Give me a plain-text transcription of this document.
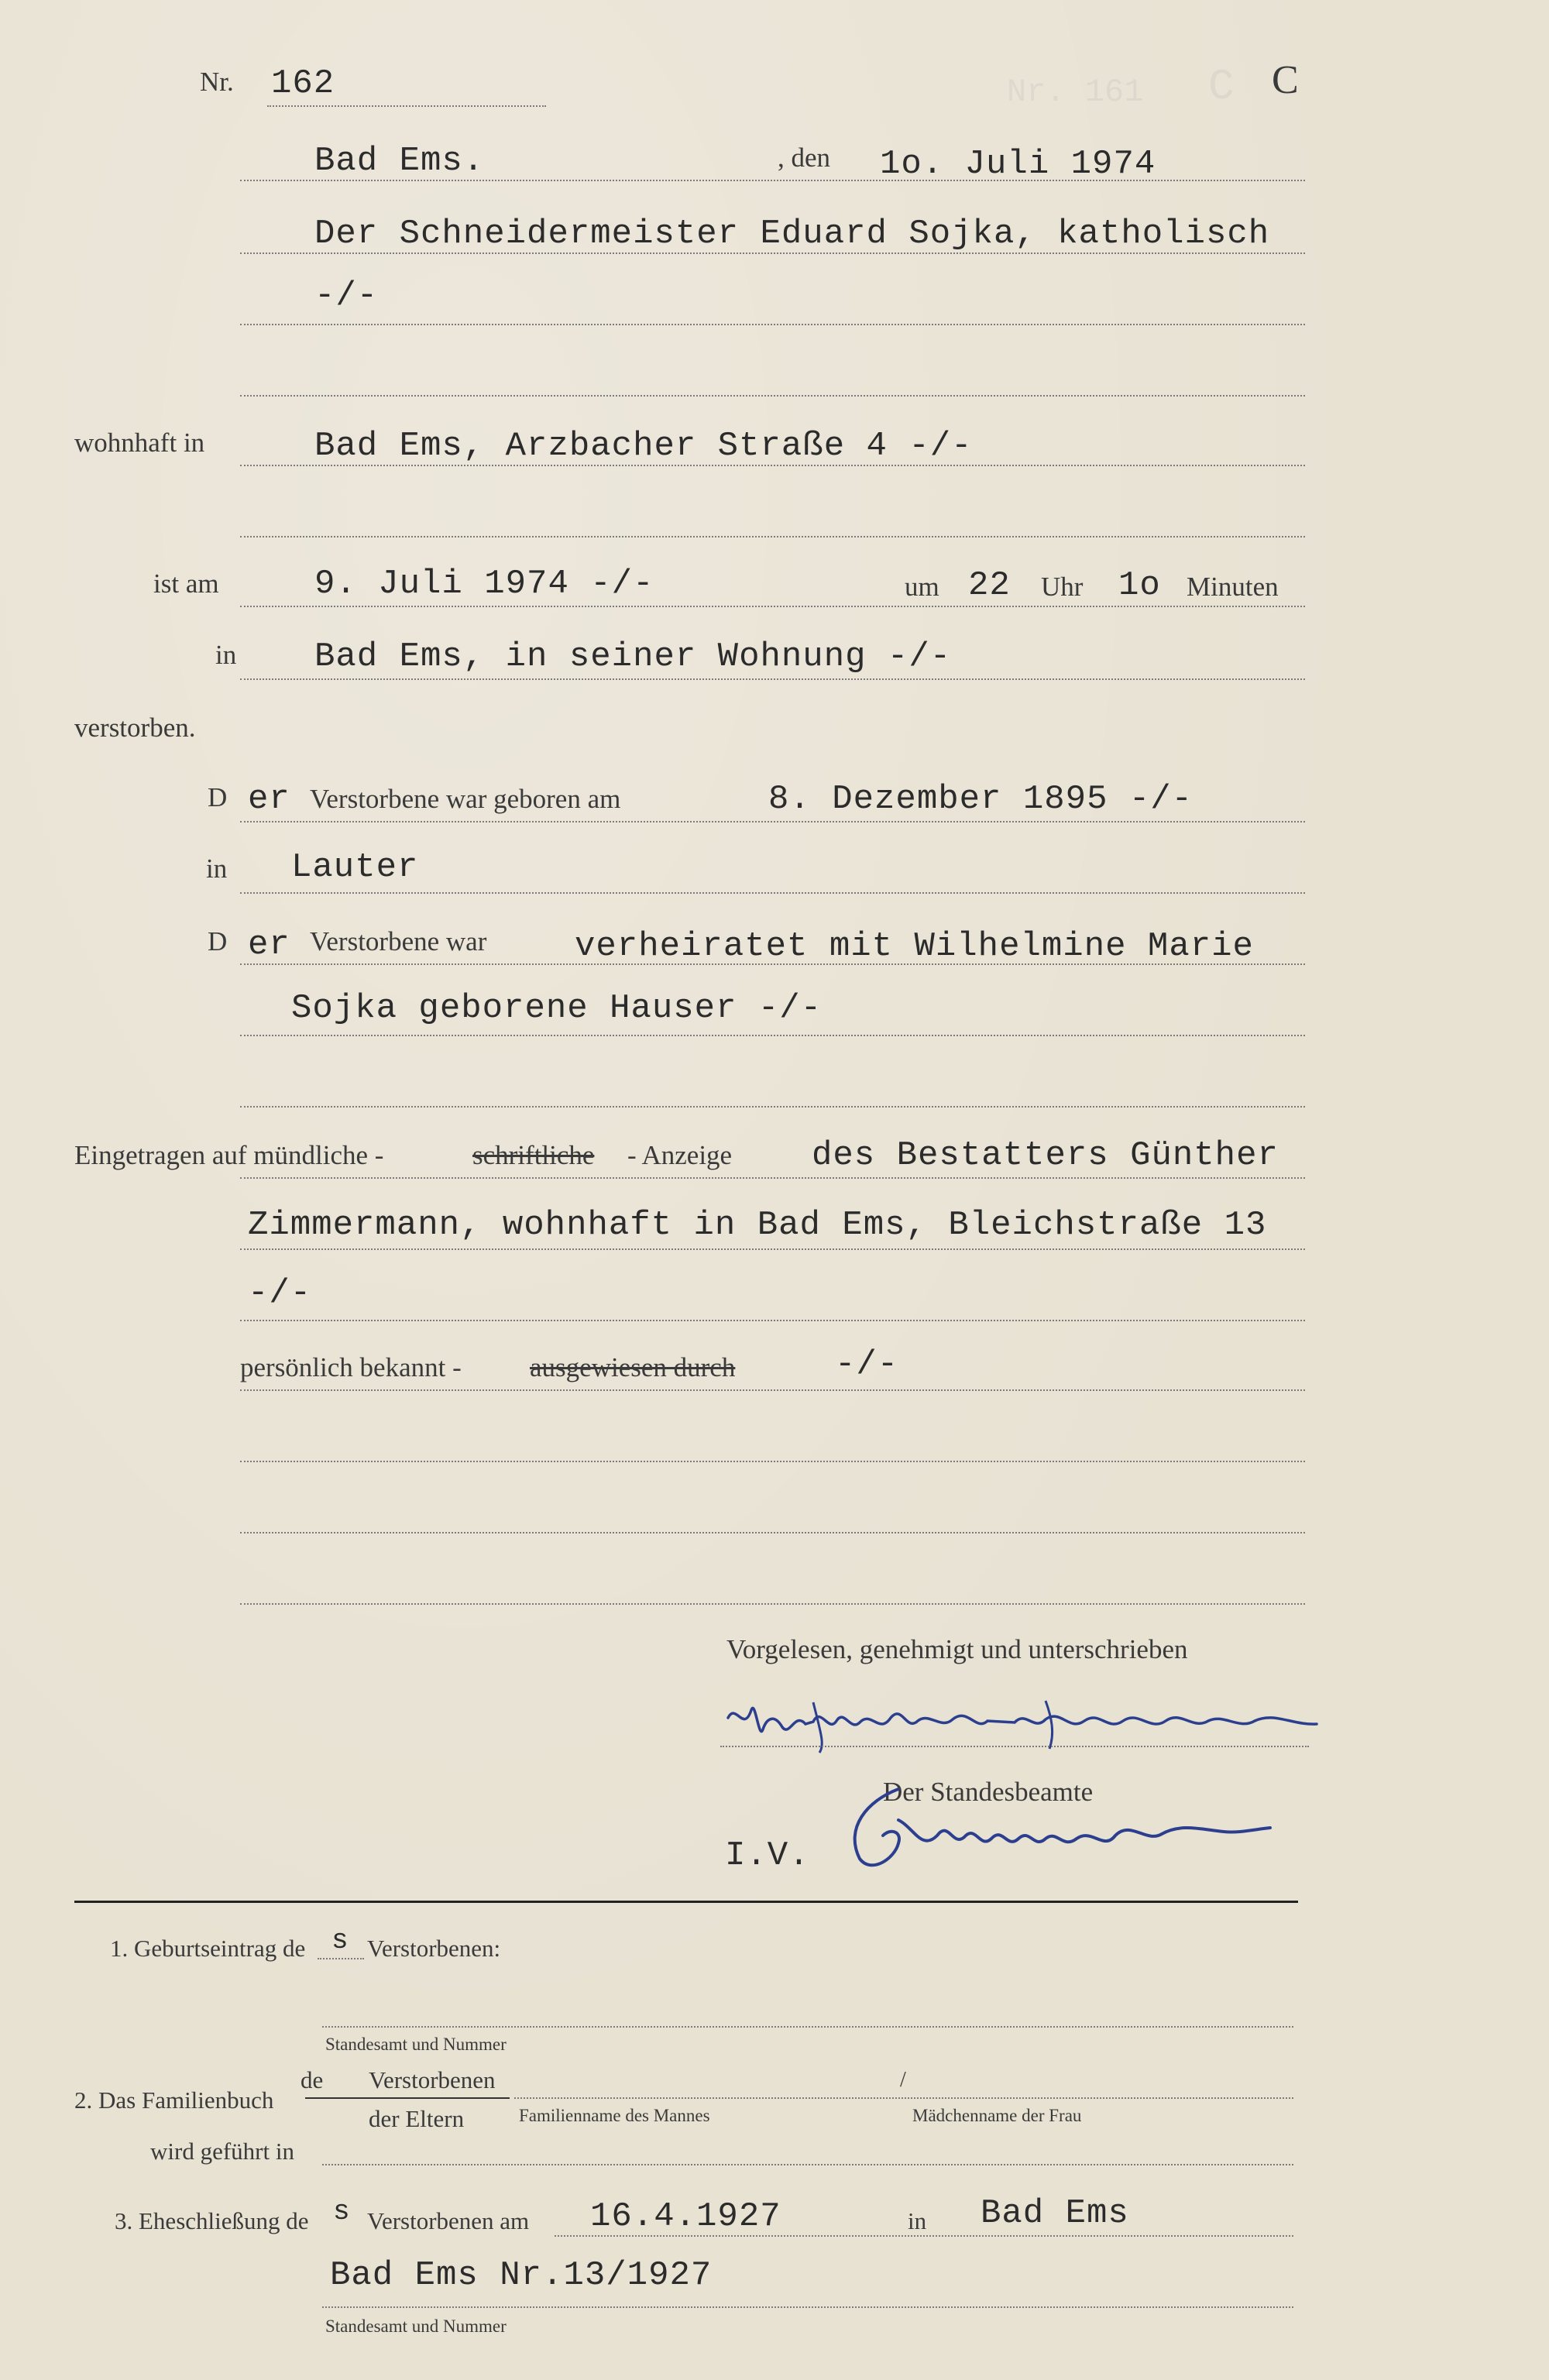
Nr. 161 C
Nr. 162	C
Bad Ems.	, den 1o. Juli 1974
Der Schneidermeister Eduard Sojka, katholisch
-/-
wohnhaft in	Bad Ems, Arzbacher Straße 4 -/-
ist am	9. Juli 1974 -/-	um 22 Uhr 1o Minuten
in Bad Ems, in seiner Wohnung -/-
verstorben.
D er Verstorbene war geboren am	8. Dezember 1895 -/-
in Lauter
D er Verstorbene war	verheiratet mit Wilhelmine Marie
Sojka geborene Hauser -/-
Eingetragen auf mündliche -	schriftliche - Anzeige des Bestatters Günther
Zimmermann, wohnhaft in Bad Ems, Bleichstraße 13
-/-
persönlich bekannt -	ausgewiesen durch	-/-
Vorgelesen, genehmigt und unterschrieben
Der Standesbeamte
I.V.
1. Geburtseintrag de s Verstorbenen:
Standesamt und Nummer
2. Das Familienbuch
de Verstorbenen
der Eltern	Familienname des Mannes
/
Mädchenname der Frau
wird geführt in
3. Eheschließung de s Verstorbenen am 16.4.1927	in Bad Ems
Bad Ems Nr.13/1927
Standesamt und Nummer
